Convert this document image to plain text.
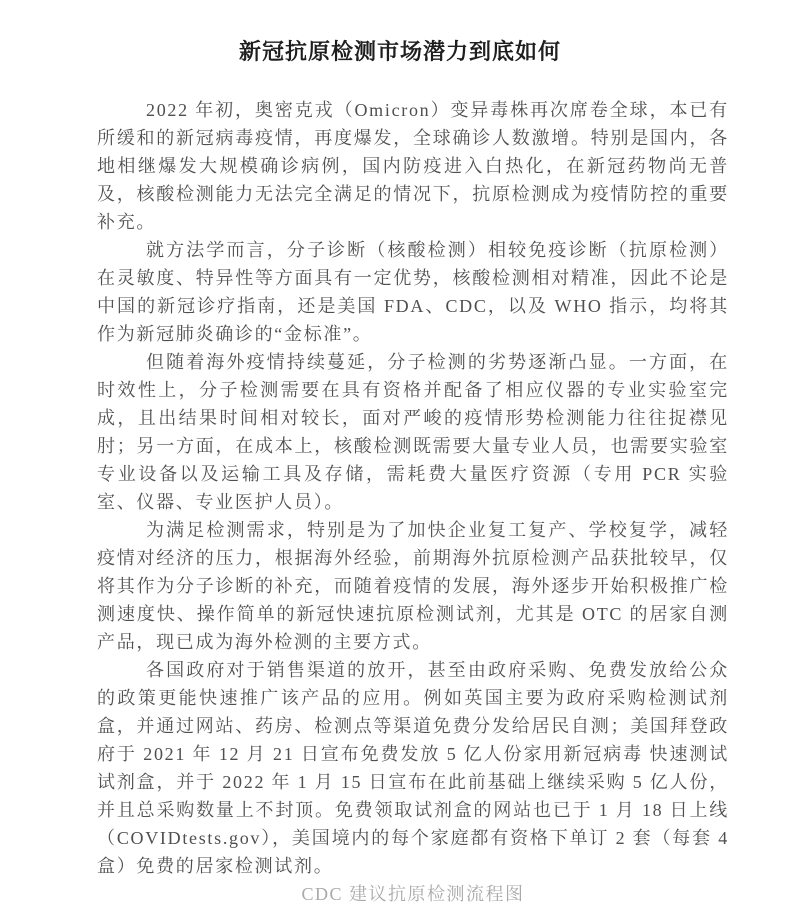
新冠抗原检测市场潜力到底如何

2022 年初，奥密克戎（Omicron）变异毒株再次席卷全球，本已有所缓和的新冠病毒疫情，再度爆发，全球确诊人数激增。特别是国内，各地相继爆发大规模确诊病例，国内防疫进入白热化，在新冠药物尚无普及，核酸检测能力无法完全满足的情况下，抗原检测成为疫情防控的重要补充。

就方法学而言，分子诊断（核酸检测）相较免疫诊断（抗原检测）在灵敏度、特异性等方面具有一定优势，核酸检测相对精准，因此不论是中国的新冠诊疗指南，还是美国 FDA、CDC，以及 WHO 指示，均将其作为新冠肺炎确诊的“金标准”。

但随着海外疫情持续蔓延，分子检测的劣势逐渐凸显。一方面，在时效性上，分子检测需要在具有资格并配备了相应仪器的专业实验室完成，且出结果时间相对较长，面对严峻的疫情形势检测能力往往捉襟见肘；另一方面，在成本上，核酸检测既需要大量专业人员，也需要实验室专业设备以及运输工具及存储，需耗费大量医疗资源（专用 PCR 实验室、仪器、专业医护人员）。

为满足检测需求，特别是为了加快企业复工复产、学校复学，减轻疫情对经济的压力，根据海外经验，前期海外抗原检测产品获批较早，仅将其作为分子诊断的补充，而随着疫情的发展，海外逐步开始积极推广检测速度快、操作简单的新冠快速抗原检测试剂，尤其是 OTC 的居家自测产品，现已成为海外检测的主要方式。

各国政府对于销售渠道的放开，甚至由政府采购、免费发放给公众的政策更能快速推广该产品的应用。例如英国主要为政府采购检测试剂盒，并通过网站、药房、检测点等渠道免费分发给居民自测；美国拜登政府于 2021 年 12 月 21 日宣布免费发放 5 亿人份家用新冠病毒 快速测试试剂盒，并于 2022 年 1 月 15 日宣布在此前基础上继续采购 5 亿人份，并且总采购数量上不封顶。免费领取试剂盒的网站也已于 1 月 18 日上线（COVIDtests.gov），美国境内的每个家庭都有资格下单订 2 套（每套 4 盒）免费的居家检测试剂。

CDC 建议抗原检测流程图
